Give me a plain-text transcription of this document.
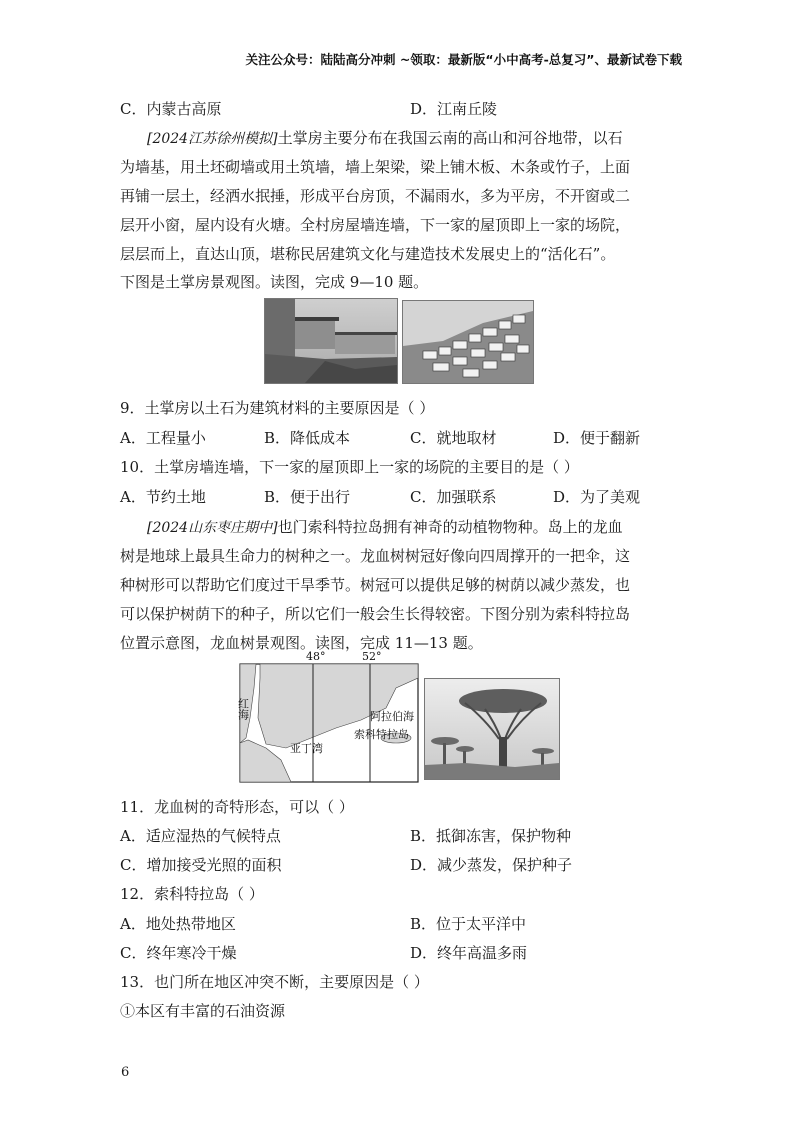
关注公众号：陆陆高分冲刺 ~领取：最新版“小中高考-总复习”、最新试卷下载
C．内蒙古高原	D．江南丘陵
[2024江苏徐州模拟]土掌房主要分布在我国云南的高山和河谷地带，以石
为墙基，用土坯砌墙或用土筑墙，墙上架梁，梁上铺木板、木条或竹子，上面
再铺一层土，经洒水抿捶，形成平台房顶，不漏雨水，多为平房，不开窗或二
层开小窗，屋内设有火塘。全村房屋墙连墙，下一家的屋顶即上一家的场院，
层层而上，直达山顶，堪称民居建筑文化与建造技术发展史上的“活化石”。
下图是土掌房景观图。读图，完成 9—10 题。
9．土掌房以土石为建筑材料的主要原因是（ ）
A．工程量小	B．降低成本	C．就地取材	D．便于翻新
10．土掌房墙连墙，下一家的屋顶即上一家的场院的主要目的是（ ）
A．节约土地	B．便于出行	C．加强联系	D．为了美观
[2024山东枣庄期中]也门索科特拉岛拥有神奇的动植物物种。岛上的龙血
树是地球上最具生命力的树种之一。龙血树树冠好像向四周撑开的一把伞，这
种树形可以帮助它们度过干旱季节。树冠可以提供足够的树荫以减少蒸发，也
可以保护树荫下的种子，所以它们一般会生长得较密。下图分别为索科特拉岛
位置示意图，龙血树景观图。读图，完成 11—13 题。
48°	52°
红海
亚丁湾
阿拉伯海
索科特拉岛
11．龙血树的奇特形态，可以（ ）
A．适应湿热的气候特点	B．抵御冻害，保护物种
C．增加接受光照的面积	D．减少蒸发，保护种子
12．索科特拉岛（ ）
A．地处热带地区	B．位于太平洋中
C．终年寒冷干燥	D．终年高温多雨
13．也门所在地区冲突不断，主要原因是（ ）
①本区有丰富的石油资源
6
